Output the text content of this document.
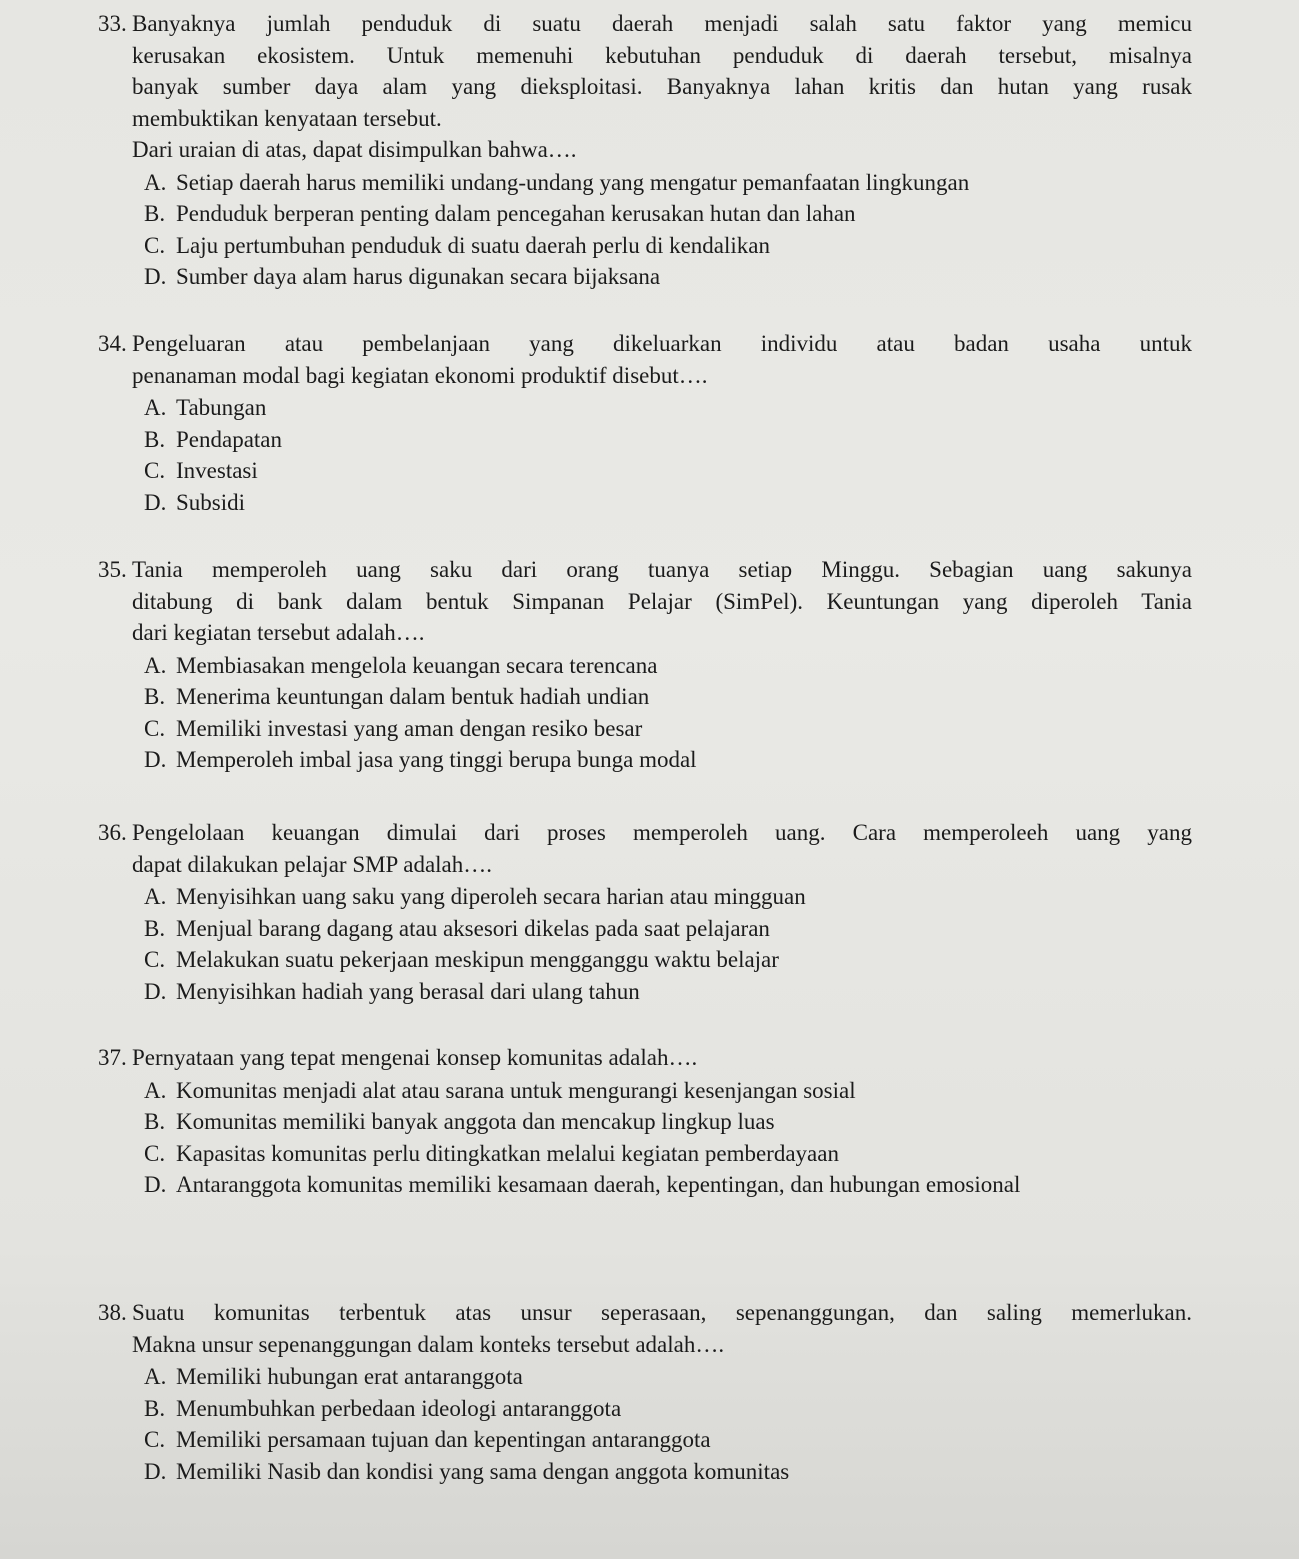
33. Banyaknya jumlah penduduk di suatu daerah menjadi salah satu faktor yang memicu
kerusakan ekosistem. Untuk memenuhi kebutuhan penduduk di daerah tersebut, misalnya
banyak sumber daya alam yang dieksploitasi. Banyaknya lahan kritis dan hutan yang rusak
membuktikan kenyataan tersebut.
Dari uraian di atas, dapat disimpulkan bahwa….
A. Setiap daerah harus memiliki undang-undang yang mengatur pemanfaatan lingkungan
B. Penduduk berperan penting dalam pencegahan kerusakan hutan dan lahan
C. Laju pertumbuhan penduduk di suatu daerah perlu di kendalikan
D. Sumber daya alam harus digunakan secara bijaksana
34. Pengeluaran atau pembelanjaan yang dikeluarkan individu atau badan usaha untuk
penanaman modal bagi kegiatan ekonomi produktif disebut….
A. Tabungan
B. Pendapatan
C. Investasi
D. Subsidi
35. Tania memperoleh uang saku dari orang tuanya setiap Minggu. Sebagian uang sakunya
ditabung di bank dalam bentuk Simpanan Pelajar (SimPel). Keuntungan yang diperoleh Tania
dari kegiatan tersebut adalah….
A. Membiasakan mengelola keuangan secara terencana
B. Menerima keuntungan dalam bentuk hadiah undian
C. Memiliki investasi yang aman dengan resiko besar
D. Memperoleh imbal jasa yang tinggi berupa bunga modal
36. Pengelolaan keuangan dimulai dari proses memperoleh uang. Cara memperoleeh uang yang
dapat dilakukan pelajar SMP adalah….
A. Menyisihkan uang saku yang diperoleh secara harian atau mingguan
B. Menjual barang dagang atau aksesori dikelas pada saat pelajaran
C. Melakukan suatu pekerjaan meskipun mengganggu waktu belajar
D. Menyisihkan hadiah yang berasal dari ulang tahun
37. Pernyataan yang tepat mengenai konsep komunitas adalah….
A. Komunitas menjadi alat atau sarana untuk mengurangi kesenjangan sosial
B. Komunitas memiliki banyak anggota dan mencakup lingkup luas
C. Kapasitas komunitas perlu ditingkatkan melalui kegiatan pemberdayaan
D. Antaranggota komunitas memiliki kesamaan daerah, kepentingan, dan hubungan emosional
38. Suatu komunitas terbentuk atas unsur seperasaan, sepenanggungan, dan saling memerlukan.
Makna unsur sepenanggungan dalam konteks tersebut adalah….
A. Memiliki hubungan erat antaranggota
B. Menumbuhkan perbedaan ideologi antaranggota
C. Memiliki persamaan tujuan dan kepentingan antaranggota
D. Memiliki Nasib dan kondisi yang sama dengan anggota komunitas
